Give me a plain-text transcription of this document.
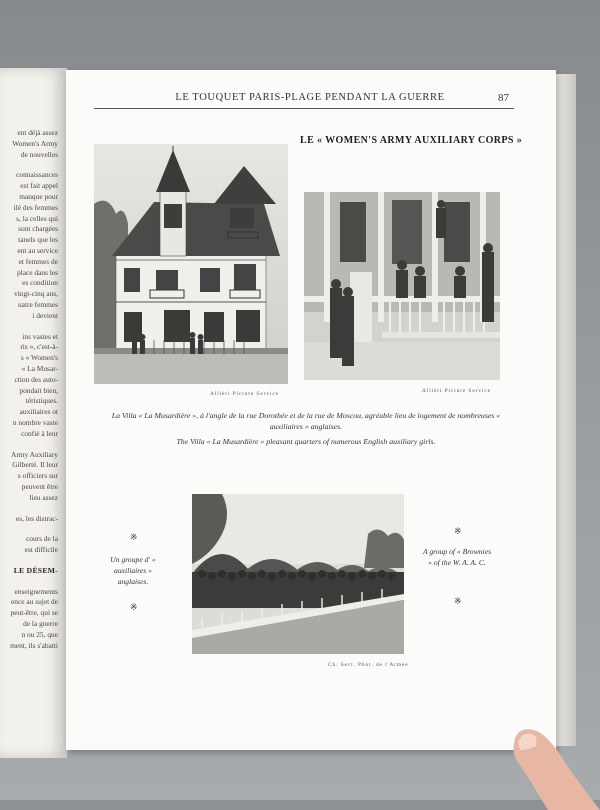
ent déjà assez
Women's Army
de nouvelles
connaissances
est fait appel
manque pour
ilé des femmes
s, la celles qui
sont chargées
tanels que les
ent au service
et femmes de
place dans les
es condition
vingt-cinq ans,
uatre femmes
i devient
ins vastes et
ris », c'est-à-
s « Women's
« La Musar-
ction des auto-
pondait bien,
téristiques.
auxiliaires ot
n nombre vaste
confié à leur
Army Auxiliary
Gilberté. Il leur
s officiers sur
peuvent être
lieu assez
es, les distrac-
cours de la
est difficile
LE DÉSEM-
enseignements
ence au sujet de
peut-être, qui se
de la guerre
n ou 25, que
ment, ils s'abatti
LE TOUQUET PARIS-PLAGE PENDANT LA GUERRE	87
Alliéri Picture Service
LE « WOMEN'S ARMY AUXILIARY CORPS »
Alliéri Picture Service
La Villa « La Musardière », à l'angle de la rue Dorothée et de la rue de Moscou, agréable lieu de logement de nombreuses « auxiliaires » anglaises.
The Villa « La Musardière » pleasant quarters of numerous English auxiliary girls.
Ch. Sect. Phot. de l'Armée
※
Un groupe d' « auxiliaires » anglaises.
※
※
A group of « Brownies » of the W. A. A. C.
※
